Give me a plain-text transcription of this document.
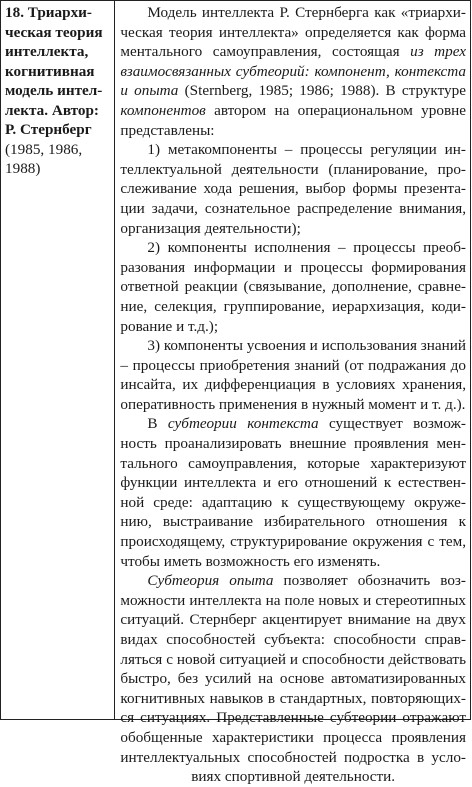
18. Триархи-
ческая теория
интеллекта,
когнитивная
модель интел-
лекта. Автор:
Р. Стернберг
(1985, 1986,
1988)
Модель интеллекта Р. Стернберга как «триархи-
ческая теория интеллекта» определяется как форма
ментального самоуправления, состоящая из трех
взаимосвязанных субтеорий: компонент, контекста
и опыта (Sternberg, 1985; 1986; 1988). В структуре
компонентов автором на операциональном уровне
представлены:
1) метакомпоненты – процессы регуляции ин-
теллектуальной деятельности (планирование, про-
слеживание хода решения, выбор формы презента-
ции задачи, сознательное распределение внимания,
организация деятельности);
2) компоненты исполнения – процессы преоб-
разования информации и процессы формирования
ответной реакции (связывание, дополнение, сравне-
ние, селекция, группирование, иерархизация, коди-
рование и т.д.);
3) компоненты усвоения и использования знаний
– процессы приобретения знаний (от подражания до
инсайта, их дифференциация в условиях хранения,
оперативность применения в нужный момент и т. д.).
В субтеории контекста существует возмож-
ность проанализировать внешние проявления мен-
тального самоуправления, которые характеризуют
функции интеллекта и его отношений к естествен-
ной среде: адаптацию к существующему окруже-
нию, выстраивание избирательного отношения к
происходящему, структурирование окружения с тем,
чтобы иметь возможность его изменять.
Субтеория опыта позволяет обозначить воз-
можности интеллекта на поле новых и стереотипных
ситуаций. Стернберг акцентирует внимание на двух
видах способностей субъекта: способности справ-
ляться с новой ситуацией и способности действовать
быстро, без усилий на основе автоматизированных
когнитивных навыков в стандартных, повторяющих-
ся ситуациях. Представленные субтеории отражают
обобщенные характеристики процесса проявления
интеллектуальных способностей подростка в усло-
виях спортивной деятельности.
